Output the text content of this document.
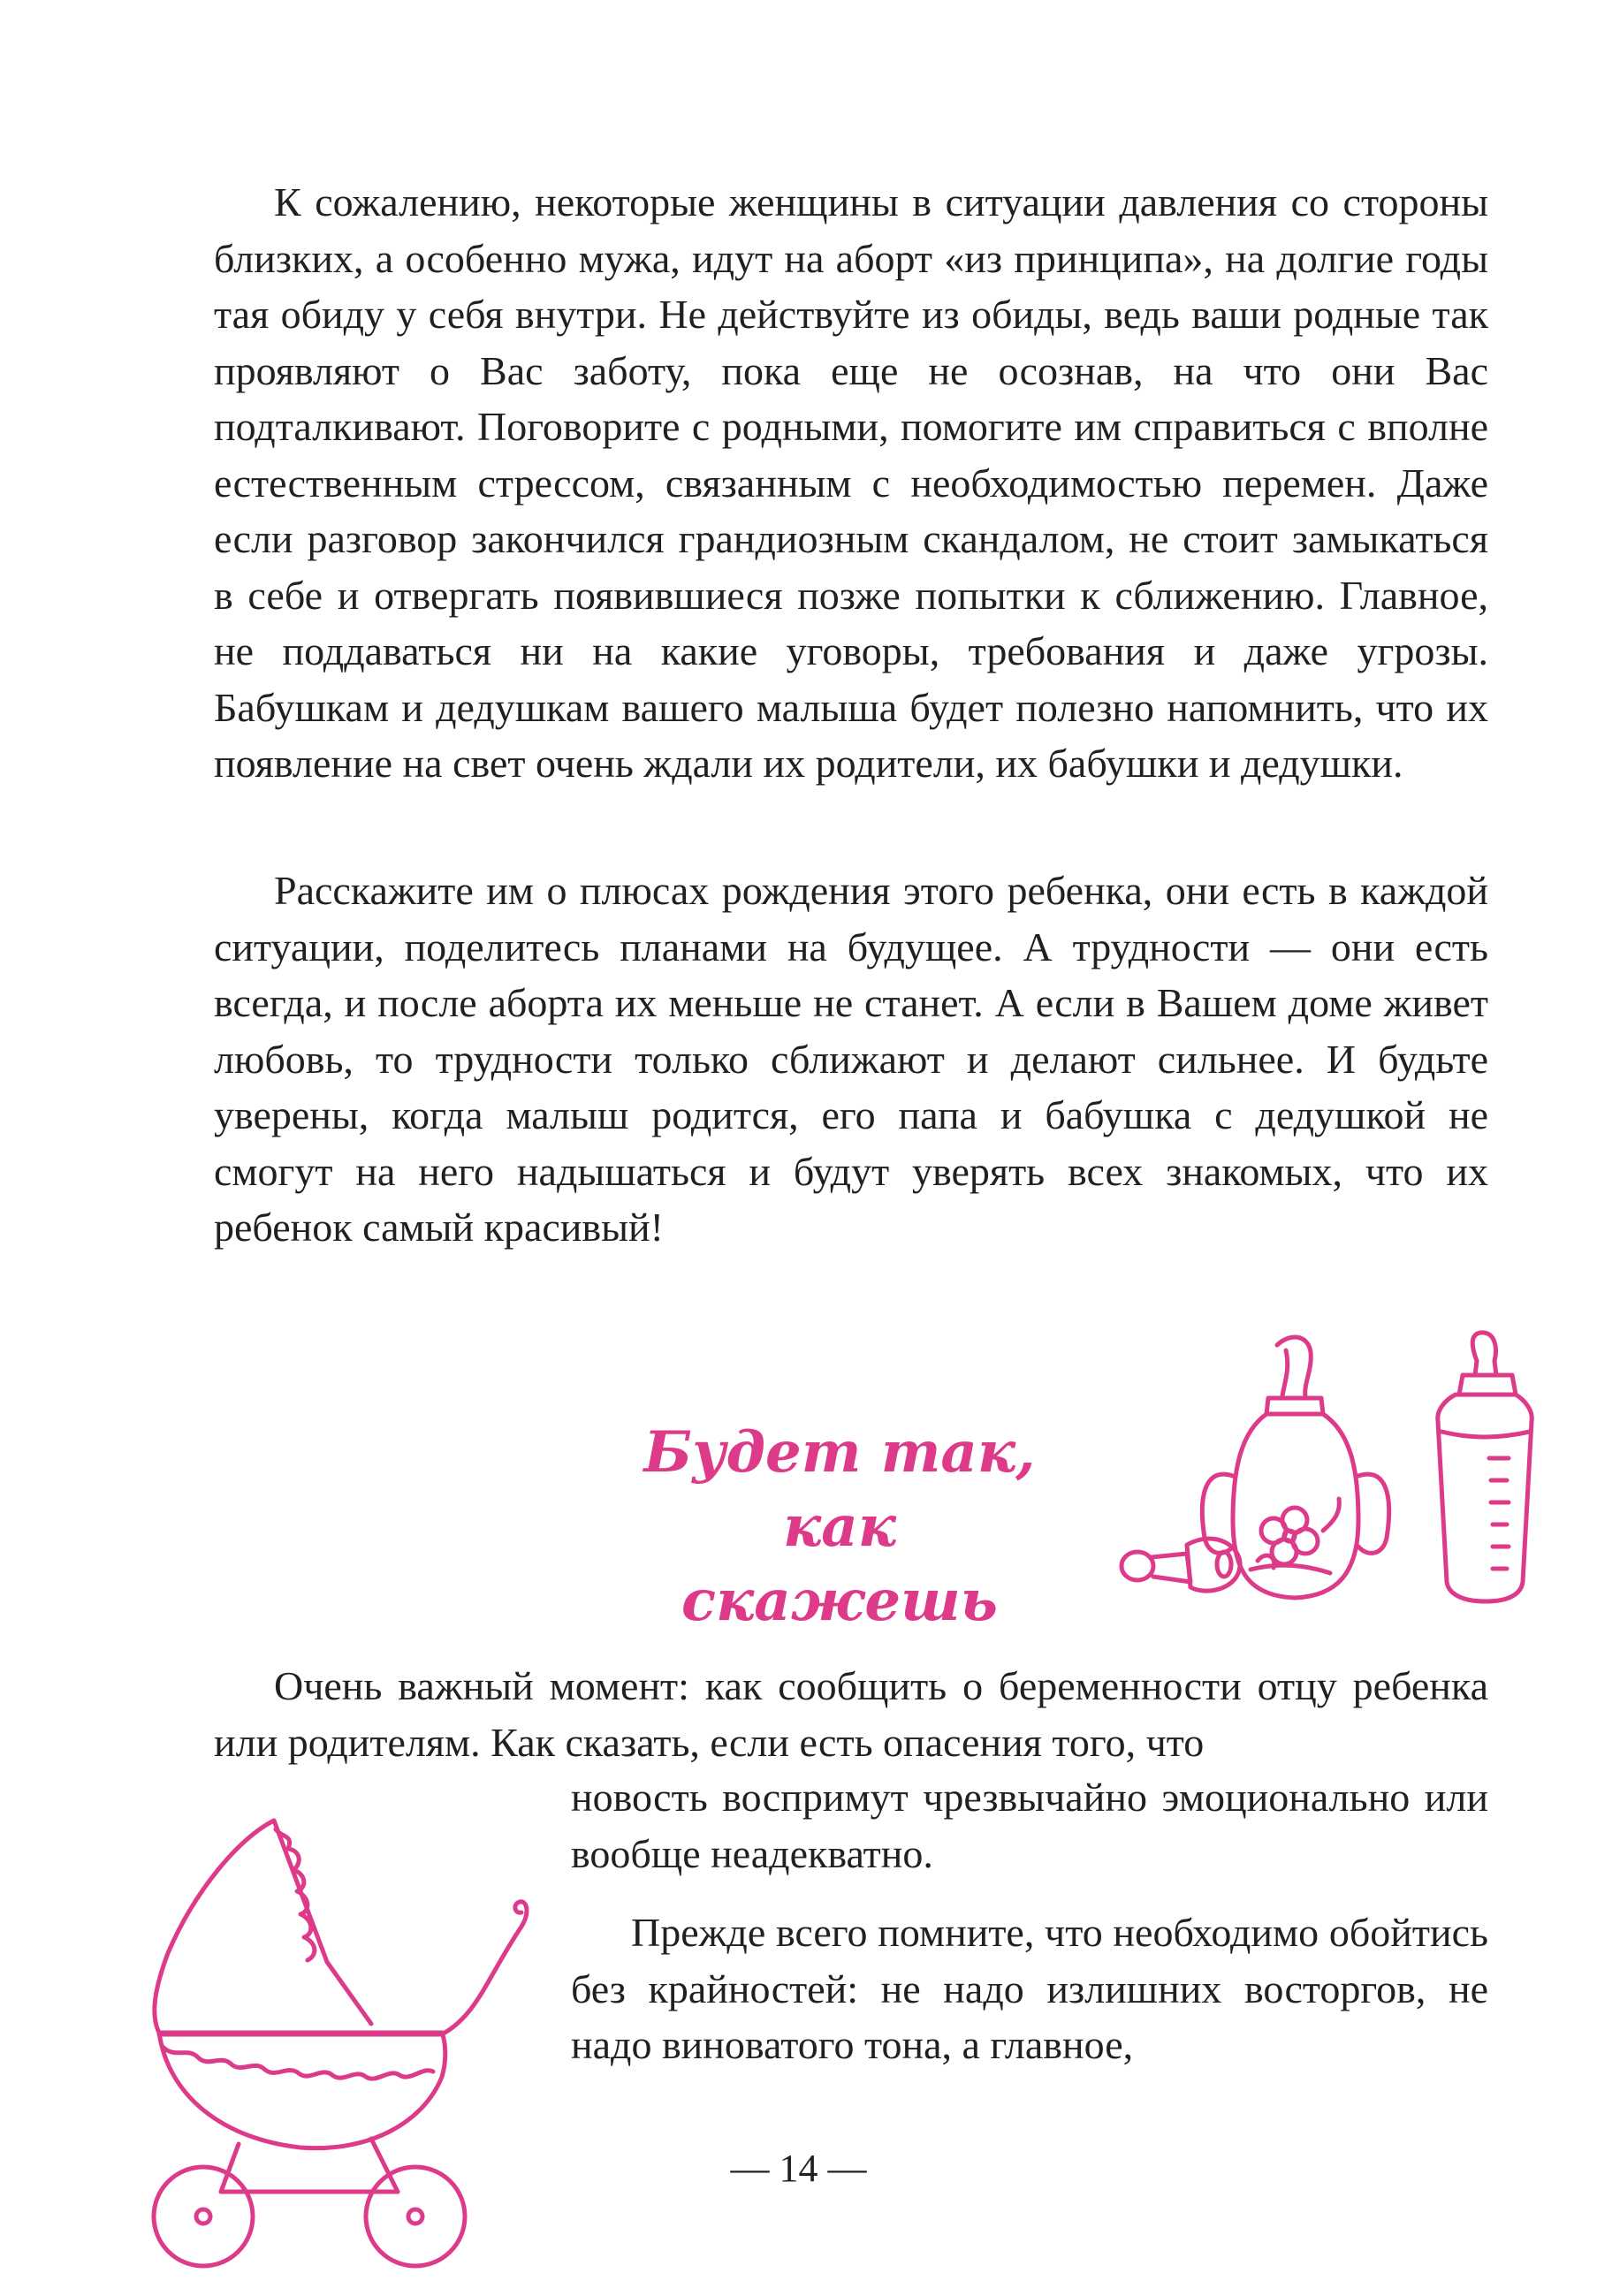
К сожалению, некоторые женщины в ситуации давления со стороны близких, а особенно мужа, идут на аборт «из принципа», на долгие годы тая обиду у себя внутри. Не действуйте из обиды, ведь ваши родные так проявляют о Вас заботу, пока еще не осознав, на что они Вас подталкивают. Поговорите с родными, помогите им справиться с вполне естественным стрессом, связанным с необходимостью перемен. Даже если разговор закончился грандиозным скандалом, не стоит замыкаться в себе и отвергать появившиеся позже попытки к сближению. Главное, не поддаваться ни на какие уговоры, требования и даже угрозы. Бабушкам и дедушкам вашего малыша будет полезно напомнить, что их появление на свет очень ждали их родители, их бабушки и дедушки.

Расскажите им о плюсах рождения этого ребенка, они есть в каждой ситуации, поделитесь планами на будущее. А трудности — они есть всегда, и после аборта их меньше не станет. А если в Вашем доме живет любовь, то трудности только сближают и делают сильнее. И будьте уверены, когда малыш родится, его папа и бабушка с дедушкой не смогут на него надышаться и будут уверять всех знакомых, что их ребенок самый красивый!

Будет так,
как скажешь

Очень важный момент: как сообщить о беременности отцу ребенка или родителям. Как сказать, если есть опасения того, что

новость воспримут чрезвычайно эмоционально или вообще неадекватно.

Прежде всего помните, что необходимо обойтись без крайностей: не надо излишних восторгов, не надо виноватого тона, а главное,

— 14 —
